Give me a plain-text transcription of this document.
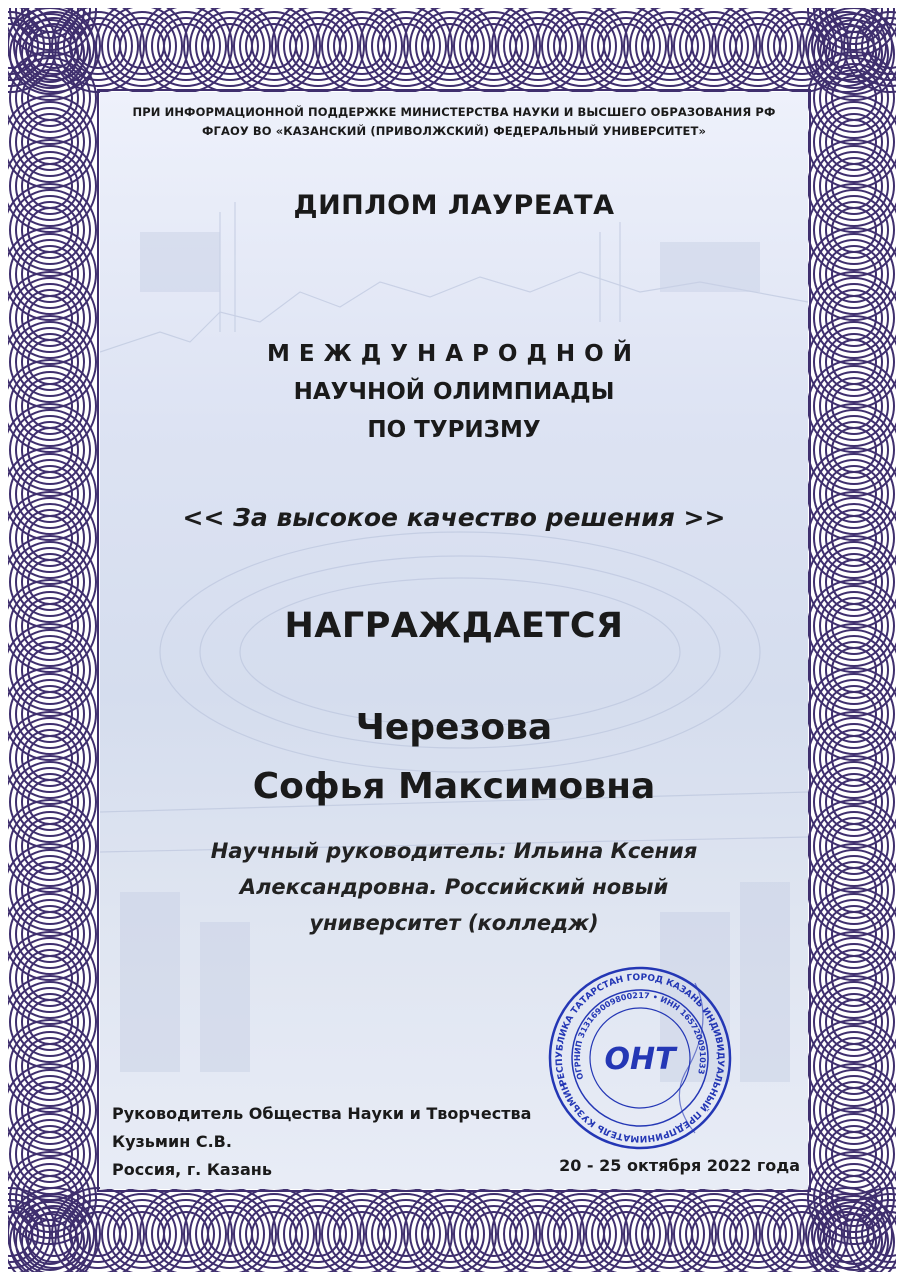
ПРИ ИНФОРМАЦИОННОЙ ПОДДЕРЖКЕ МИНИСТЕРСТВА НАУКИ И ВЫСШЕГО ОБРАЗОВАНИЯ РФ
ФГАОУ ВО «КАЗАНСКИЙ (ПРИВОЛЖСКИЙ) ФЕДЕРАЛЬНЫЙ УНИВЕРСИТЕТ»
ДИПЛОМ ЛАУРЕАТА
МЕЖДУНАРОДНОЙ
НАУЧНОЙ ОЛИМПИАДЫ
ПО ТУРИЗМУ
<< За высокое качество решения >>
НАГРАЖДАЕТСЯ
Черезова
Софья Максимовна
Научный руководитель: Ильина Ксения
Александровна. Российский новый
университет (колледж)
РЕСПУБЛИКА ТАТАРСТАН ГОРОД КАЗАНЬ ИНДИВИДУАЛЬНЫЙ ПРЕДПРИНИМАТЕЛЬ КУЗЬМИН
ОГРНИП 313169009800217 • ИНН 165720091033
ОНТ
Руководитель Общества Науки и Творчества
Кузьмин С.В.
Россия, г. Казань	20 - 25 октября 2022 года
